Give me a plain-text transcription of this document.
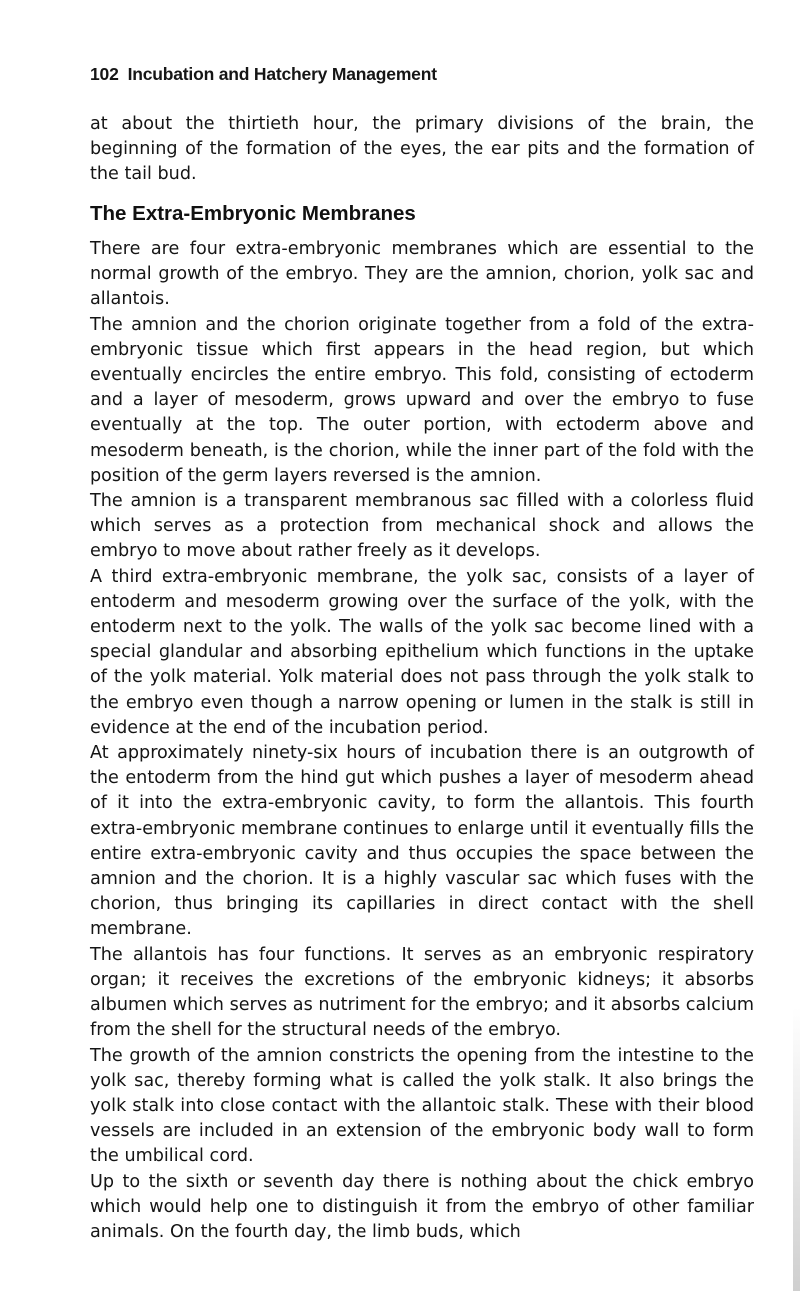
102 Incubation and Hatchery Management

at about the thirtieth hour, the primary divisions of the brain, the beginning of the formation of the eyes, the ear pits and the formation of the tail bud.

The Extra-Embryonic Membranes

There are four extra-embryonic membranes which are essential to the normal growth of the embryo. They are the amnion, chorion, yolk sac and allantois.

The amnion and the chorion originate together from a fold of the extra-embryonic tissue which first appears in the head region, but which eventually encircles the entire embryo. This fold, consisting of ectoderm and a layer of mesoderm, grows upward and over the embryo to fuse eventually at the top. The outer portion, with ectoderm above and mesoderm beneath, is the chorion, while the inner part of the fold with the position of the germ layers reversed is the amnion.

The amnion is a transparent membranous sac filled with a colorless fluid which serves as a protection from mechanical shock and allows the embryo to move about rather freely as it develops.

A third extra-embryonic membrane, the yolk sac, consists of a layer of entoderm and mesoderm growing over the surface of the yolk, with the entoderm next to the yolk. The walls of the yolk sac become lined with a special glandular and absorbing epithelium which functions in the uptake of the yolk material. Yolk material does not pass through the yolk stalk to the embryo even though a narrow opening or lumen in the stalk is still in evidence at the end of the incubation period.

At approximately ninety-six hours of incubation there is an outgrowth of the entoderm from the hind gut which pushes a layer of mesoderm ahead of it into the extra-embryonic cavity, to form the allantois. This fourth extra-embryonic membrane continues to enlarge until it eventually fills the entire extra-embryonic cavity and thus occupies the space between the amnion and the chorion. It is a highly vascular sac which fuses with the chorion, thus bringing its capillaries in direct contact with the shell membrane.

The allantois has four functions. It serves as an embryonic respiratory organ; it receives the excretions of the embryonic kidneys; it absorbs albumen which serves as nutriment for the embryo; and it absorbs calcium from the shell for the structural needs of the embryo.

The growth of the amnion constricts the opening from the intestine to the yolk sac, thereby forming what is called the yolk stalk. It also brings the yolk stalk into close contact with the allantoic stalk. These with their blood vessels are included in an extension of the embryonic body wall to form the umbilical cord.

Up to the sixth or seventh day there is nothing about the chick embryo which would help one to distinguish it from the embryo of other familiar animals. On the fourth day, the limb buds, which
